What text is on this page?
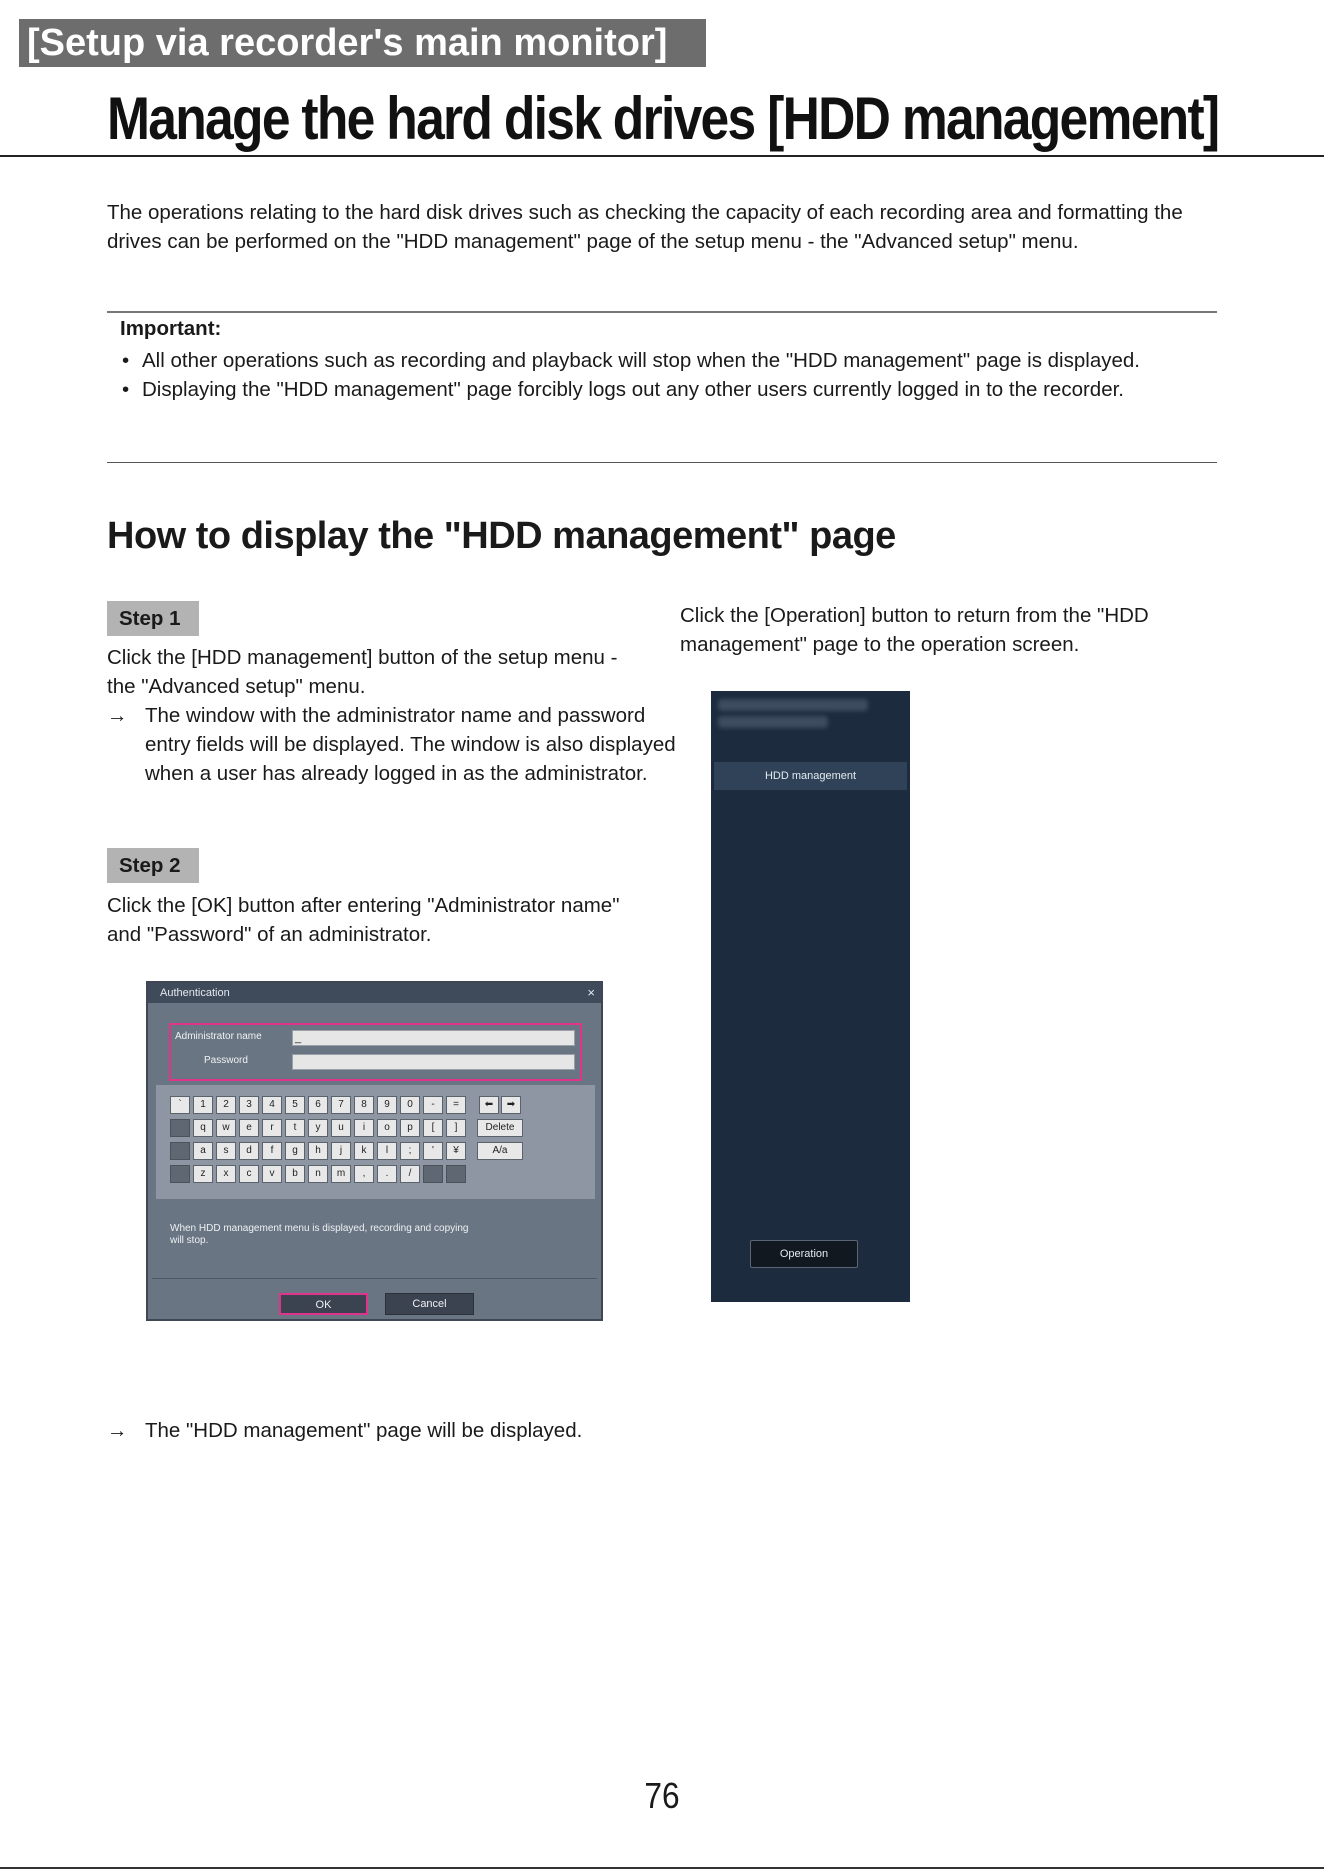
[Setup via recorder's main monitor]
Manage the hard disk drives [HDD management]
The operations relating to the hard disk drives such as checking the capacity of each recording area and formatting the drives can be performed on the "HDD management" page of the setup menu - the "Advanced setup" menu.
Important:
• All other operations such as recording and playback will stop when the "HDD management" page is displayed.
• Displaying the "HDD management" page forcibly logs out any other users currently logged in to the recorder.
How to display the "HDD management" page
Step 1
Click the [HDD management] button of the setup menu - the "Advanced setup" menu.
→ The window with the administrator name and password entry fields will be displayed. The window is also displayed when a user has already logged in as the administrator.
Step 2
Click the [OK] button after entering "Administrator name" and "Password" of an administrator.
Authentication	×
Administrator name	_
Password
`	1	2	3	4	5	6	7	8	9	0	-	=
q	w	e	r	t	y	u	i	o	p	[	]
a	s	d	f	g	h	j	k	l	;	'	¥
z	x	c	v	b	n	m	,	.	/
⬅	➡
Delete
A/a
When HDD management menu is displayed, recording and copying will stop.
OK	Cancel
→ The "HDD management" page will be displayed.
Click the [Operation] button to return from the "HDD management" page to the operation screen.
HDD management
Operation
76
